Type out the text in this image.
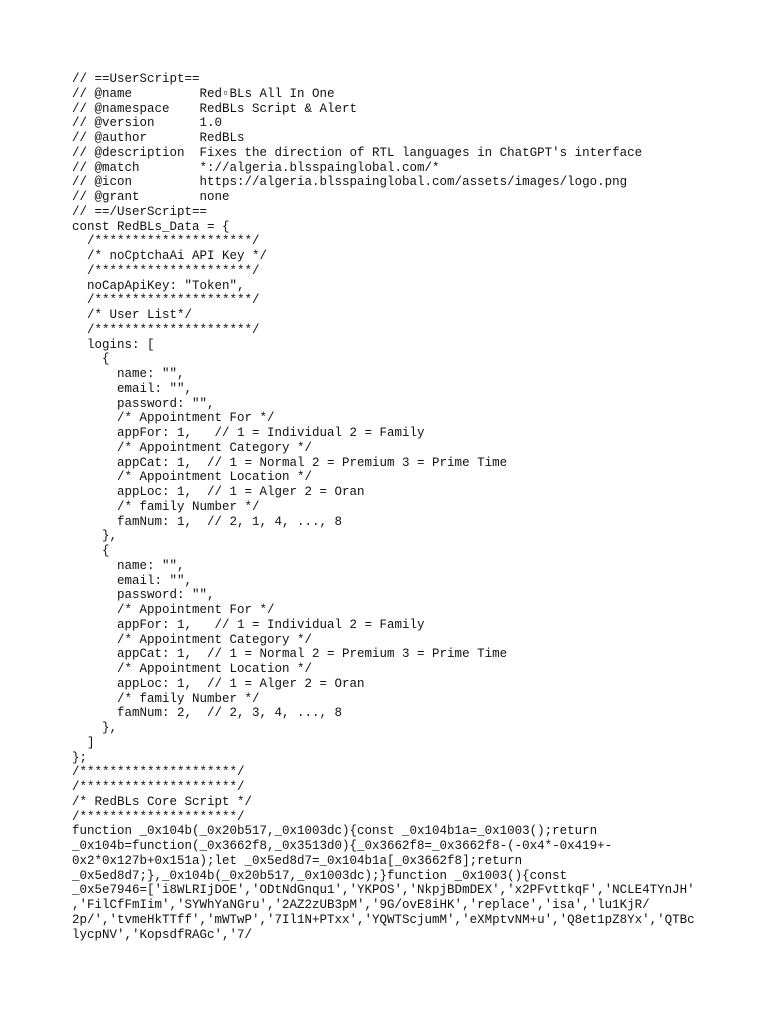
// ==UserScript==
// @name         Red▫BLs All In One
// @namespace    RedBLs Script & Alert
// @version      1.0
// @author       RedBLs
// @description  Fixes the direction of RTL languages in ChatGPT's interface
// @match        *://algeria.blsspainglobal.com/*
// @icon         https://algeria.blsspainglobal.com/assets/images/logo.png
// @grant        none
// ==/UserScript==
const RedBLs_Data = {
/*********************/
/* noCptchaAi API Key */
/*********************/
noCapApiKey: "Token",
/*********************/
/* User List*/
/*********************/
logins: [
{
name: "",
email: "",
password: "",
/* Appointment For */
appFor: 1,   // 1 = Individual 2 = Family
/* Appointment Category */
appCat: 1,  // 1 = Normal 2 = Premium 3 = Prime Time
/* Appointment Location */
appLoc: 1,  // 1 = Alger 2 = Oran
/* family Number */
famNum: 1,  // 2, 1, 4, ..., 8
},
{
name: "",
email: "",
password: "",
/* Appointment For */
appFor: 1,   // 1 = Individual 2 = Family
/* Appointment Category */
appCat: 1,  // 1 = Normal 2 = Premium 3 = Prime Time
/* Appointment Location */
appLoc: 1,  // 1 = Alger 2 = Oran
/* family Number */
famNum: 2,  // 2, 3, 4, ..., 8
},
]
};
/*********************/
/*********************/
/* RedBLs Core Script */
/*********************/
function _0x104b(_0x20b517,_0x1003dc){const _0x104b1a=_0x1003();return
_0x104b=function(_0x3662f8,_0x3513d0){_0x3662f8=_0x3662f8-(-0x4*-0x419+-
0x2*0x127b+0x151a);let _0x5ed8d7=_0x104b1a[_0x3662f8];return
_0x5ed8d7;},_0x104b(_0x20b517,_0x1003dc);}function _0x1003(){const
_0x5e7946=['i8WLRIjDOE','ODtNdGnqu1','YKPOS','NkpjBDmDEX','x2PFvttkqF','NCLE4TYnJH'
,'FilCfFmIim','SYWhYaNGru','2AZ2zUB3pM','9G/ovE8iHK','replace','isa','lu1KjR/
2p/','tvmeHkTTff','mWTwP','7Il1N+PTxx','YQWTScjumM','eXMptvNM+u','Q8et1pZ8Yx','QTBc
lycpNV','KopsdfRAGc','7/
